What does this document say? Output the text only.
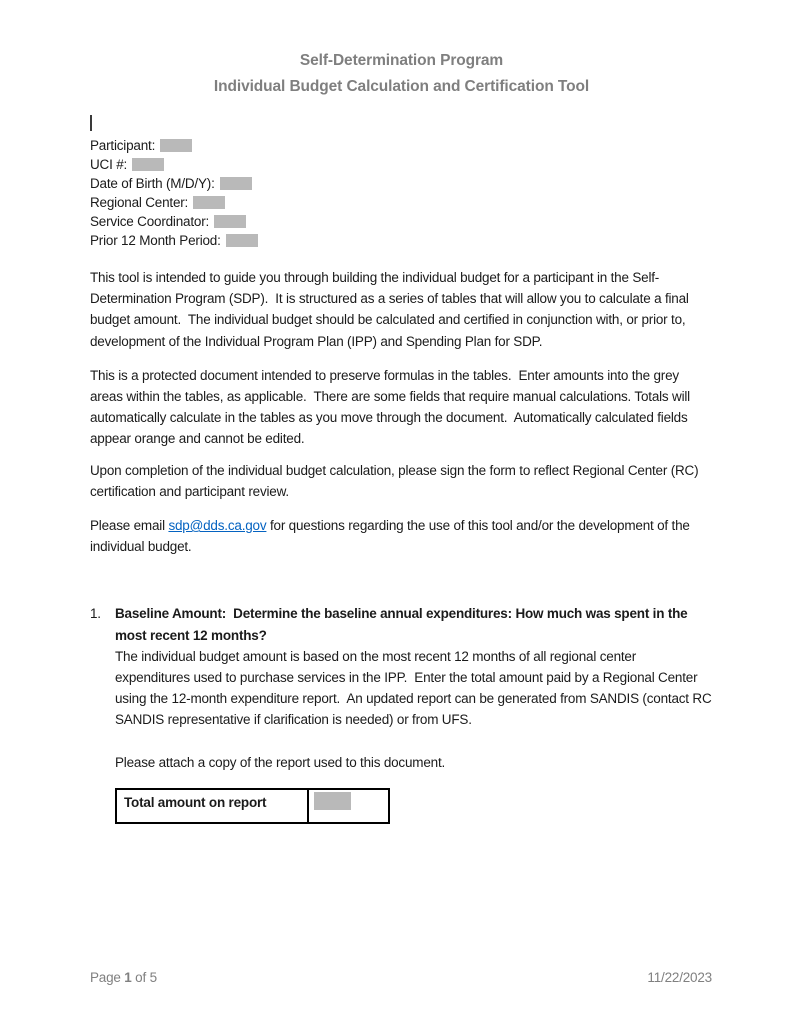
Self-Determination Program
Individual Budget Calculation and Certification Tool
Participant:
UCI #:
Date of Birth (M/D/Y):
Regional Center:
Service Coordinator:
Prior 12 Month Period:

This tool is intended to guide you through building the individual budget for a participant in the Self-Determination Program (SDP).  It is structured as a series of tables that will allow you to calculate a final budget amount.  The individual budget should be calculated and certified in conjunction with, or prior to, development of the Individual Program Plan (IPP) and Spending Plan for SDP.

This is a protected document intended to preserve formulas in the tables.  Enter amounts into the grey areas within the tables, as applicable.  There are some fields that require manual calculations. Totals will automatically calculate in the tables as you move through the document.  Automatically calculated fields appear orange and cannot be edited.

Upon completion of the individual budget calculation, please sign the form to reflect Regional Center (RC) certification and participant review.

Please email sdp@dds.ca.gov for questions regarding the use of this tool and/or the development of the individual budget.

1.	Baseline Amount:  Determine the baseline annual expenditures: How much was spent in the most recent 12 months?

The individual budget amount is based on the most recent 12 months of all regional center expenditures used to purchase services in the IPP.  Enter the total amount paid by a Regional Center using the 12-month expenditure report.  An updated report can be generated from SANDIS (contact RC SANDIS representative if clarification is needed) or from UFS.

Please attach a copy of the report used to this document.
Total amount on report	
Page 1 of 5	11/22/2023
